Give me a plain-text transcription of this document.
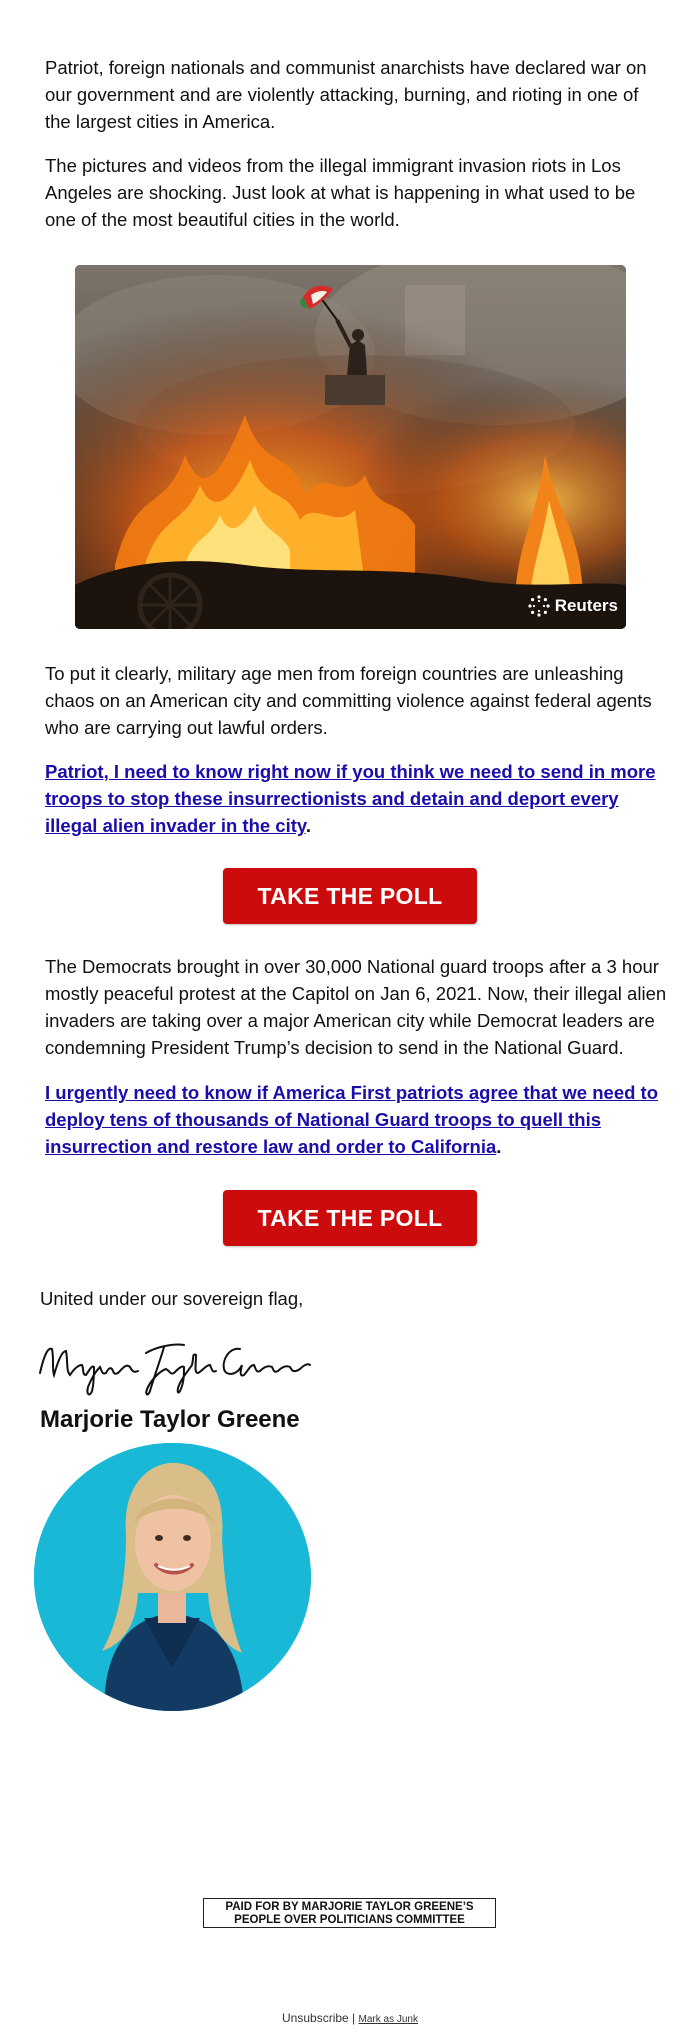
Patriot, foreign nationals and communist anarchists have declared war on our government and are violently attacking, burning, and rioting in one of the largest cities in America.

The pictures and videos from the illegal immigrant invasion riots in Los Angeles are shocking. Just look at what is happening in what used to be one of the most beautiful cities in the world.

Reuters

To put it clearly, military age men from foreign countries are unleashing chaos on an American city and committing violence against federal agents who are carrying out lawful orders.

Patriot, I need to know right now if you think we need to send in more troops to stop these insurrectionists and detain and deport every illegal alien invader in the city.

TAKE THE POLL

The Democrats brought in over 30,000 National guard troops after a 3 hour mostly peaceful protest at the Capitol on Jan 6, 2021. Now, their illegal alien invaders are taking over a major American city while Democrat leaders are condemning President Trump’s decision to send in the National Guard.

I urgently need to know if America First patriots agree that we need to deploy tens of thousands of National Guard troops to quell this insurrection and restore law and order to California.

TAKE THE POLL
United under our sovereign flag,
Marjorie Taylor Greene
PAID FOR BY MARJORIE TAYLOR GREENE’S
PEOPLE OVER POLITICIANS COMMITTEE
Unsubscribe | Mark as Junk
